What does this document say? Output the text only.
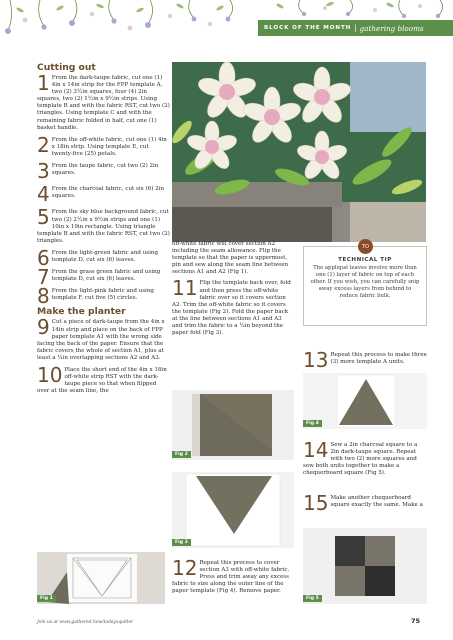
BLOCK OF THE MONTH | gathering blooms
Cutting out
1 From the dark-taupe fabric, cut one (1) 4in x 14in strip for the FPP template A, two (2) 3½in squares, four (4) 2in squares, two (2) 1½in x 9½in strips. Using template B and with the fabric RST, cut two (2) triangles. Using template C and with the remaining fabric folded in half, cut one (1) basket handle.

2 From the off-white fabric, cut one (1) 4in x 18in strip. Using template E, cut twenty-five (25) petals.

3 From the taupe fabric, cut two (2) 2in squares.

4 From the charcoal fabric, cut six (6) 2in squares.

5 From the sky blue background fabric, cut two (2) 2½in x 9½in strips and one (1) 10in x 19in rectangle. Using triangle template B and with the fabric RST, cut two (2) triangles.

6 From the light-green fabric and using template D, cut six (6) leaves.

7 From the grass green fabric and using template D, cut six (6) leaves.

8 From the light-pink fabric and using template F, cut five (5) circles.

Make the planter
9 Cut a piece of dark-taupe from the 4in x 14in strip and place on the back of FPP paper template A1 with the wrong side facing the back of the paper. Ensure that the fabric covers the whole of section A1, plus at least a ¼in overlapping sections A2 and A3.

10 Place the short end of the 4in x 18in off-white strip RST with the dark-taupe piece so that when flipped over at the seam line, the

off-white fabric will cover section A2 including the seam allowance. Flip the template so that the paper is uppermost, pin and sew along the seam line between sections A1 and A2 (Fig 1).

11 Flip the template back over, fold and then press the off-white fabric over so it covers section A2. Trim the off-white fabric so it covers the template (Fig 2). Fold the paper back at the line between sections A1 and A3 and trim the fabric to a ¼in beyond the paper fold (Fig 3).

Fig 2
Fig 3
12 Repeat this process to cover section A3 with off-white fabric. Press and trim away any excess fabric to size along the outer line of the paper template (Fig 4). Remove paper.

Fig 1
TO
TECHNICAL TIP
The appliqué leaves involve more than one (1) layer of fabric on top of each other. If you wish, you can carefully snip away excess layers from behind to reduce fabric bulk.
13 Repeat this process to make three (3) more template A units.

Fig 4
14 Sew a 2in charcoal square to a 2in dark-taupe square. Repeat with two (2) more squares and sew both units together to make a chequerboard square (Fig 5).

15 Make another chequerboard square exactly the same. Make a

Fig 5
Join us at www.gathered.how/todaysquilter	75
